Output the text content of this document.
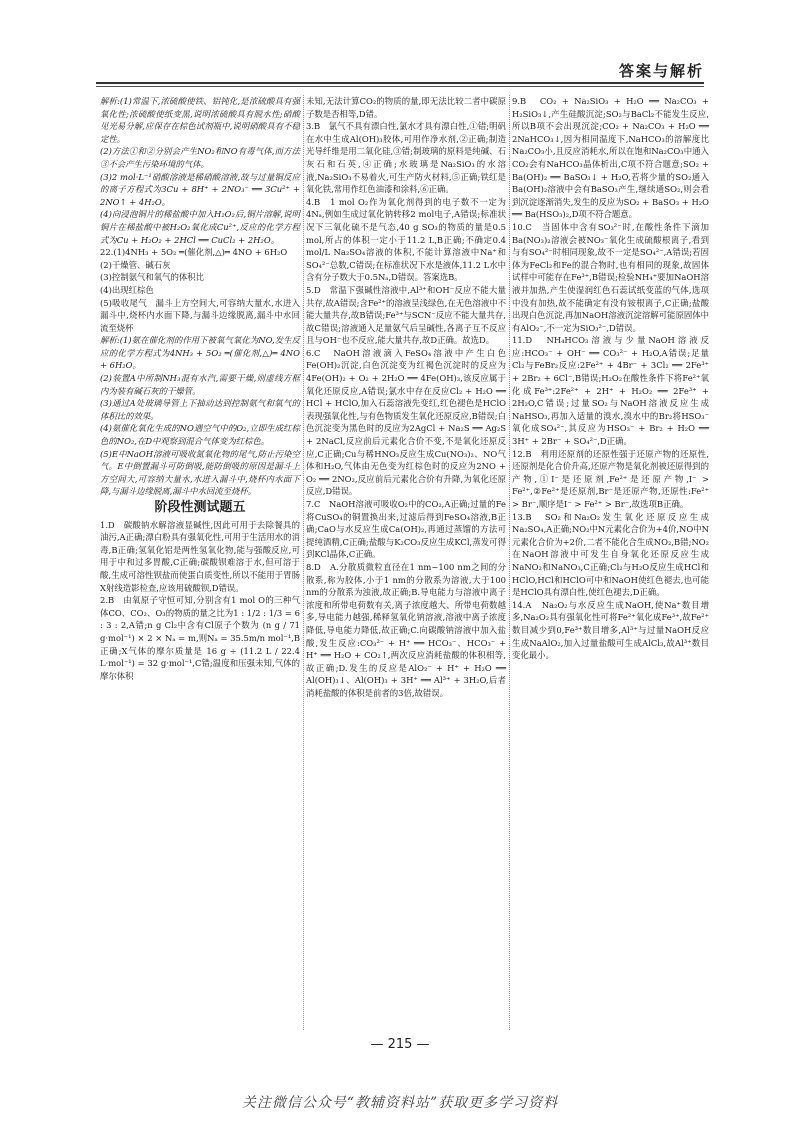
答案与解析

解析:(1)常温下,浓硫酸使铁、铝钝化,是浓硫酸具有强氧化性;浓硫酸使纸变黑,说明浓硫酸具有脱水性;硝酸见光易分解,应保存在棕色试剂瓶中,说明硝酸具有不稳定性。

(2)方法①和②分别会产生NO₂和NO有毒气体,而方法③不会产生污染环境的气体。

(3)2 mol·L⁻¹硝酸溶液是稀硝酸溶液,故与过量铜反应的离子方程式为3Cu + 8H⁺ + 2NO₃⁻ ══ 3Cu²⁺ + 2NO↑ + 4H₂O。

(4)向浸泡铜片的稀盐酸中加入H₂O₂后,铜片溶解,说明铜片在稀盐酸中被H₂O₂氧化成Cu²⁺,反应的化学方程式为Cu + H₂O₂ + 2HCl ══ CuCl₂ + 2H₂O。

22.(1)4NH₃ + 5O₂ ═(催化剂,△)═ 4NO + 6H₂O

(2)干燥管、碱石灰

(3)控制氨气和氧气的体积比

(4)出现红棕色

(5)吸收尾气　漏斗上方空间大,可容纳大量水,水进入漏斗中,烧杯内水面下降,与漏斗边缘脱离,漏斗中水回流至烧杯

解析:(1)氨在催化剂的作用下被氧气氧化为NO,发生反应的化学方程式为4NH₃ + 5O₂ ═(催化剂,△)═ 4NO + 6H₂O。

(2)装置A中所制NH₃混有水汽,需要干燥,则虚线方框内为装有碱石灰的干燥管。

(3)通过A处玻璃导管上下抽动达到控制氨气和氧气的体积比的效果。

(4)氨催化氧化生成的NO遇空气中的O₂,立即生成红棕色的NO₂,在D中观察到混合气体变为红棕色。

(5)E中NaOH溶液可吸收氮氧化物的尾气,防止污染空气。E中倒置漏斗可防倒吸,能防倒吸的原因是漏斗上方空间大,可容纳大量水,水进入漏斗中,烧杯内水面下降,与漏斗边缘脱离,漏斗中水回流至烧杯。

阶段性测试题五

1.D　碳酸钠水解溶液显碱性,因此可用于去除餐具的油污,A正确;漂白粉具有强氧化性,可用于生活用水的消毒,B正确;氢氧化铝是两性氢氧化物,能与强酸反应,可用于中和过多胃酸,C正确;碳酸钡难溶于水,但可溶于酸,生成可溶性钡盐而使蛋白质变性,所以不能用于胃肠X射线造影检查,应该用硫酸钡,D错误。

2.B　由氧原子守恒可知,分别含有1 mol O的三种气体CO、CO₂、O₃的物质的量之比为1 : 1/2 : 1/3 = 6 : 3 : 2,A错;n g Cl₂中含有Cl原子个数为 (n g / 71 g·mol⁻¹) × 2 × Nₐ = m,则Nₐ = 35.5m/n mol⁻¹,B正确;X气体的摩尔质量是 16 g ÷ (11.2 L / 22.4 L·mol⁻¹) = 32 g·mol⁻¹,C错;温度和压强未知,气体的摩尔体积

未知,无法计算CO₂的物质的量,即无法比较二者中碳原子数是否相等,D错。

3.B　氯气不具有漂白性,氯水才具有漂白性,①错;明矾在水中生成Al(OH)₃胶体,可用作净水剂,②正确;制造光导纤维是用二氧化硅,③错;制玻璃的原料是纯碱、石灰石和石英,④正确;水玻璃是Na₂SiO₃的水溶液,Na₂SiO₃不易着火,可生产防火材料,⑤正确;铁红是氧化铁,常用作红色油漆和涂料,⑥正确。

4.B　1 mol O₂作为氧化剂得到的电子数不一定为4Nₐ,例如生成过氧化钠转移2 mol电子,A错误;标准状况下三氧化硫不是气态,40 g SO₃的物质的量是0.5 mol,所占的体积一定小于11.2 L,B正确;不确定0.4 mol/L Na₂SO₄溶液的体积,不能计算溶液中Na⁺和SO₄²⁻总数,C错误;在标准状况下水是液体,11.2 L水中含有分子数大于0.5Nₐ,D错误。答案选B。

5.D　常温下强碱性溶液中,Al³⁺和OH⁻反应不能大量共存,故A错误;含Fe²⁺的溶液呈浅绿色,在无色溶液中不能大量共存,故B错误;Fe³⁺与SCN⁻反应不能大量共存,故C错误;溶液通入足量氨气后呈碱性,各离子互不反应且与OH⁻也不反应,能大量共存,故D正确。故选D。

6.C　NaOH溶液滴入FeSO₄溶液中产生白色Fe(OH)₂沉淀,白色沉淀变为红褐色沉淀时的反应为4Fe(OH)₂ + O₂ + 2H₂O ══ 4Fe(OH)₃,该反应属于氧化还原反应,A错误;氯水中存在反应Cl₂ + H₂O ══ HCl + HClO,加入石蕊溶液先变红,红色褪色是HClO表现强氧化性,与有色物质发生氧化还原反应,B错误;白色沉淀变为黑色时的反应为2AgCl + Na₂S ══ Ag₂S + 2NaCl,反应前后元素化合价不变,不是氧化还原反应,C正确;Cu与稀HNO₃反应生成Cu(NO₃)₂、NO气体和H₂O,气体由无色变为红棕色时的反应为2NO + O₂ ══ 2NO₂,反应前后元素化合价有升降,为氧化还原反应,D错误。

7.C　NaOH溶液可吸收O₂中的CO₂,A正确;过量的Fe将CuSO₄的铜置换出来,过滤后得到FeSO₄溶液,B正确;CaO与水反应生成Ca(OH)₂,再通过蒸馏的方法可提纯酒精,C正确;盐酸与K₂CO₃反应生成KCl,蒸发可得到KCl晶体,C正确。

8.D　A.分散质微粒直径在1 nm~100 nm之间的分散系,称为胶体,小于1 nm的分散系为溶液,大于100 nm的分散系为浊液,故正确;B.导电能力与溶液中离子浓度和所带电荷数有关,离子浓度越大、所带电荷数越多,导电能力越强,稀释氢氧化钠溶液,溶液中离子浓度降低,导电能力降低,故正确;C.向碳酸钠溶液中加入盐酸,发生反应:CO₃²⁻ + H⁺ ══ HCO₃⁻、HCO₃⁻ + H⁺ ══ H₂O + CO₂↑,两次反应消耗盐酸的体积相等,故正确;D.发生的反应是AlO₂⁻ + H⁺ + H₂O ══ Al(OH)₃↓、Al(OH)₃ + 3H⁺ ══ Al³⁺ + 3H₂O,后者消耗盐酸的体积是前者的3倍,故错误。

9.B　CO₂ + Na₂SiO₃ + H₂O ══ Na₂CO₃ + H₂SiO₃↓,产生硅酸沉淀;SO₂与BaCl₂不能发生反应,所以B项不会出现沉淀;CO₂ + Na₂CO₃ + H₂O ══ 2NaHCO₃↓,因为相同温度下,NaHCO₃的溶解度比Na₂CO₃小,且反应消耗水,所以在饱和Na₂CO₃中通入CO₂会有NaHCO₃晶体析出,C项不符合题意;SO₂ + Ba(OH)₂ ══ BaSO₃↓ + H₂O,若将少量的SO₂通入Ba(OH)₂溶液中会有BaSO₃产生,继续通SO₂,则会看到沉淀逐渐消失,发生的反应为SO₂ + BaSO₃ + H₂O ══ Ba(HSO₃)₂,D项不符合题意。

10.C　当固体中含有SO₃²⁻时,在酸性条件下滴加Ba(NO₃)₂溶液会被NO₃⁻氧化生成硫酸根离子,看到与有SO₄²⁻时相同现象,故不一定是SO₄²⁻,A错误;若固体为FeCl₂和Fe的混合物时,也有相同的现象,故固体试样中可能存在Fe³⁺,B错误;检验NH₄⁺要加NaOH溶液并加热,产生使湿润红色石蕊试纸变蓝的气体,选项中没有加热,故不能确定有没有铵根离子,C正确;盐酸出现白色沉淀,再加NaOH溶液沉淀溶解可能原固体中有AlO₂⁻,不一定为SiO₃²⁻,D错误。

11.D　NH₄HCO₃溶液与少量NaOH溶液反应:HCO₃⁻ + OH⁻ ══ CO₃²⁻ + H₂O,A错误;足量Cl₂与FeBr₂反应:2Fe²⁺ + 4Br⁻ + 3Cl₂ ══ 2Fe³⁺ + 2Br₂ + 6Cl⁻,B错误;H₂O₂在酸性条件下将Fe²⁺氧化成Fe³⁺:2Fe²⁺ + 2H⁺ + H₂O₂ ══ 2Fe³⁺ + 2H₂O,C错误;过量SO₂与NaOH溶液反应生成NaHSO₃,再加入适量的溴水,溴水中的Br₂将HSO₃⁻氧化成SO₄²⁻,其反应为HSO₃⁻ + Br₂ + H₂O ══ 3H⁺ + 2Br⁻ + SO₄²⁻,D正确。

12.B　利用还原剂的还原性强于还原产物的还原性,还原剂是化合价升高,还原产物是氧化剂被还原得到的产物,①I⁻是还原剂,Fe²⁺是还原产物,I⁻ > Fe²⁺,②Fe²⁺是还原剂,Br⁻是还原产物,还原性:Fe²⁺ > Br⁻,顺序是I⁻ > Fe²⁺ > Br⁻,故选项B正确。

13.B　SO₂和Na₂O₂发生氧化还原反应生成Na₂SO₄,A正确;NO₂中N元素化合价为+4价,NO中N元素化合价为+2价,二者不能化合生成NO₂,B错;NO₂在NaOH溶液中可发生自身氧化还原反应生成NaNO₂和NaNO₃,C正确;Cl₂与H₂O反应生成HCl和HClO,HCl和HClO可中和NaOH使红色褪去,也可能是HClO具有漂白性,使红色褪去,D正确。

14.A　Na₂O₂与水反应生成NaOH,使Na⁺数目增多,Na₂O₂具有强氧化性可将Fe²⁺氧化成Fe³⁺,故Fe²⁺数目减少到0,Fe³⁺数目增多,Al³⁺与过量NaOH反应生成NaAlO₂,加入过量盐酸可生成AlCl₃,故Al³⁺数目变化最小。

— 215 —
关注微信公众号“教辅资料站”获取更多学习资料
